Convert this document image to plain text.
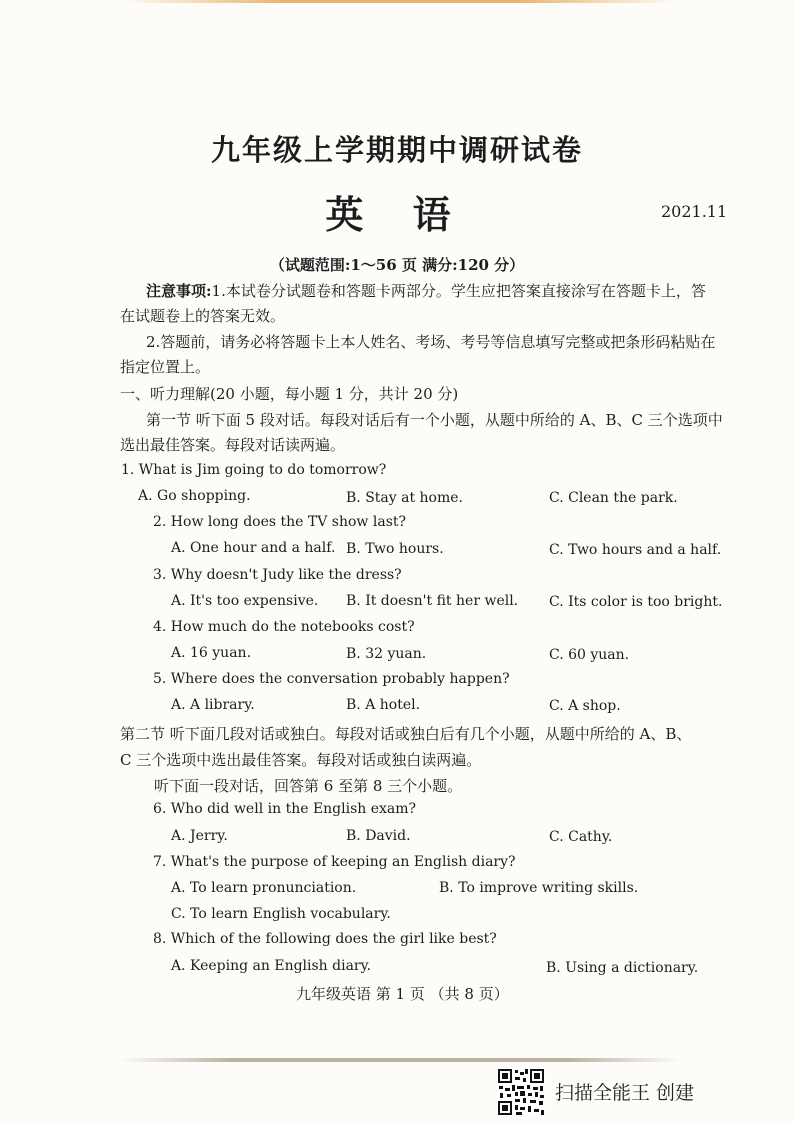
九年级上学期期中调研试卷
英 语	2021.11
（试题范围:1～56 页 满分:120 分）
注意事项:1.本试卷分试题卷和答题卡两部分。学生应把答案直接涂写在答题卡上，答
在试题卷上的答案无效。
2.答题前，请务必将答题卡上本人姓名、考场、考号等信息填写完整或把条形码粘贴在
指定位置上。
一、听力理解(20 小题，每小题 1 分，共计 20 分)
第一节 听下面 5 段对话。每段对话后有一个小题，从题中所给的 A、B、C 三个选项中
选出最佳答案。每段对话读两遍。
1. What is Jim going to do tomorrow?
A. Go shopping.	B. Stay at home.	C. Clean the park.
2. How long does the TV show last?
A. One hour and a half. B. Two hours.	C. Two hours and a half.
3. Why doesn't Judy like the dress?
A. It's too expensive. B. It doesn't fit her well. C. Its color is too bright.
4. How much do the notebooks cost?
A. 16 yuan.	B. 32 yuan.	C. 60 yuan.
5. Where does the conversation probably happen?
A. A library.	B. A hotel.	C. A shop.
第二节 听下面几段对话或独白。每段对话或独白后有几个小题，从题中所给的 A、B、
C 三个选项中选出最佳答案。每段对话或独白读两遍。
听下面一段对话，回答第 6 至第 8 三个小题。
6. Who did well in the English exam?
A. Jerry.	B. David.	C. Cathy.
7. What's the purpose of keeping an English diary?
A. To learn pronunciation.	B. To improve writing skills.
C. To learn English vocabulary.
8. Which of the following does the girl like best?
A. Keeping an English diary.	B. Using a dictionary.
九年级英语 第 1 页 （共 8 页）
扫描全能王 创建
